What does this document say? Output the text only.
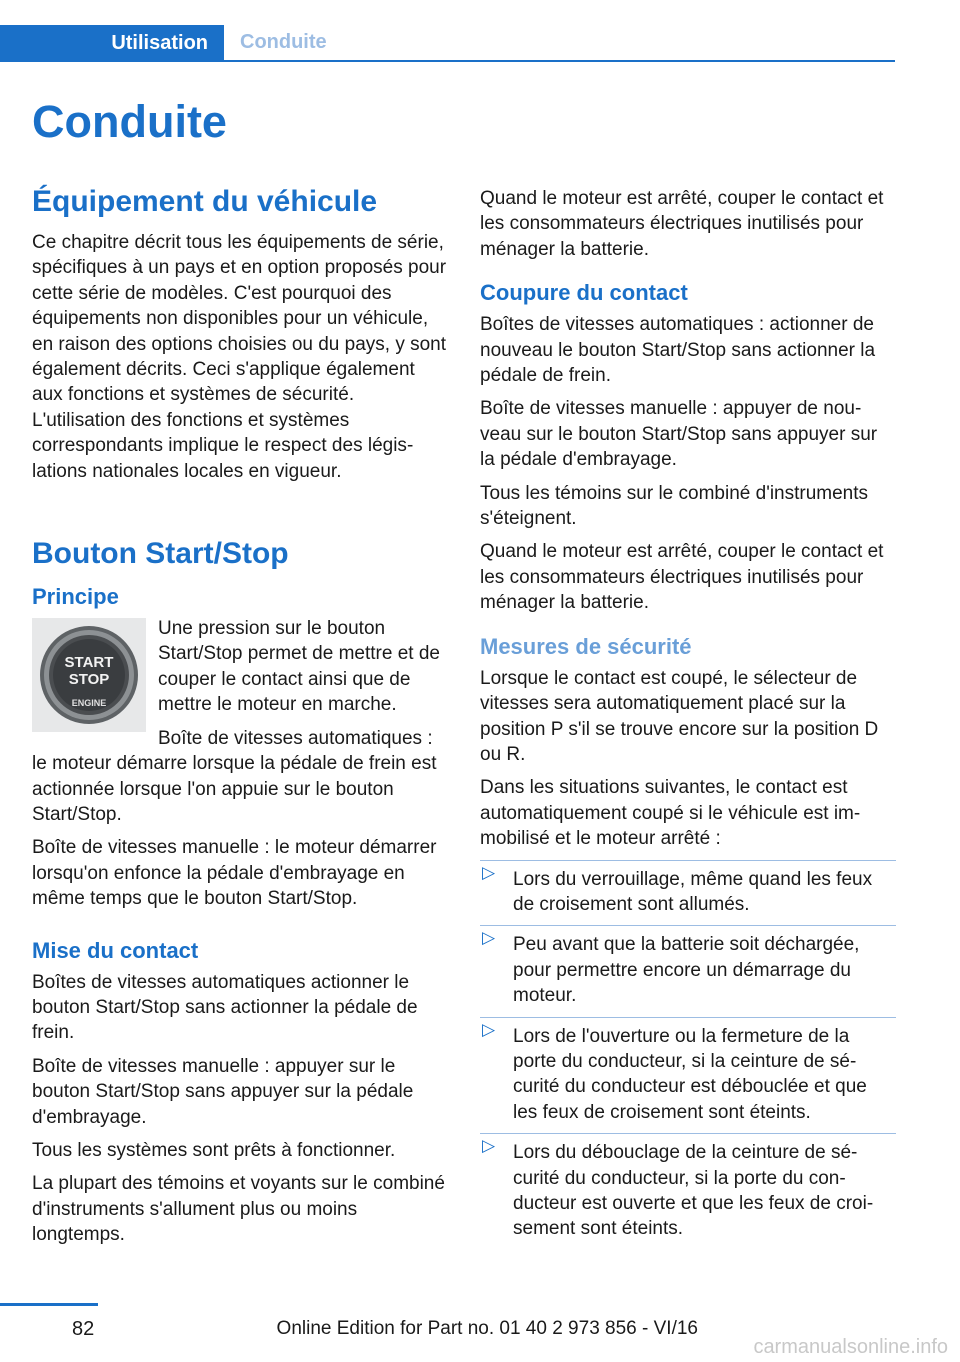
Utilisation	Conduite
Conduite
Équipement du véhicule

Ce chapitre décrit tous les équipements de série, spécifiques à un pays et en option proposés pour cette série de modèles. C'est pourquoi des équipements non disponibles pour un véhicule, en raison des options choisies ou du pays, y sont également décrits. Ceci s'applique également aux fonctions et systèmes de sécurité. L'utilisation des fonctions et systèmes correspondants implique le respect des législations nationales locales en vigueur.

Bouton Start/Stop
Principe
START
STOP
ENGINE

Une pression sur le bouton Start/Stop permet de mettre et de couper le contact ainsi que de mettre le moteur en marche.

Boîte de vitesses automatiques : le moteur démarre lorsque la pédale de frein est actionnée lorsque l'on appuie sur le bouton Start/Stop.

Boîte de vitesses manuelle : le moteur démarrer lorsqu'on enfonce la pédale d'embrayage en même temps que le bouton Start/Stop.

Mise du contact

Boîtes de vitesses automatiques actionner le bouton Start/Stop sans actionner la pédale de frein.

Boîte de vitesses manuelle : appuyer sur le bouton Start/Stop sans appuyer sur la pédale d'embrayage.

Tous les systèmes sont prêts à fonctionner.

La plupart des témoins et voyants sur le combiné d'instruments s'allument plus ou moins longtemps.

Quand le moteur est arrêté, couper le contact et les consommateurs électriques inutilisés pour ménager la batterie.

Coupure du contact

Boîtes de vitesses automatiques : actionner de nouveau le bouton Start/Stop sans actionner la pédale de frein.

Boîte de vitesses manuelle : appuyer de nouveau sur le bouton Start/Stop sans appuyer sur la pédale d'embrayage.

Tous les témoins sur le combiné d'instruments s'éteignent.

Quand le moteur est arrêté, couper le contact et les consommateurs électriques inutilisés pour ménager la batterie.

Mesures de sécurité

Lorsque le contact est coupé, le sélecteur de vitesses sera automatiquement placé sur la position P s'il se trouve encore sur la position D ou R.

Dans les situations suivantes, le contact est automatiquement coupé si le véhicule est immobilisé et le moteur arrêté :

▷ Lors du verrouillage, même quand les feux de croisement sont allumés.
▷ Peu avant que la batterie soit déchargée, pour permettre encore un démarrage du moteur.
▷ Lors de l'ouverture ou la fermeture de la porte du conducteur, si la ceinture de sécurité du conducteur est débouclée et que les feux de croisement sont éteints.
▷ Lors du débouclage de la ceinture de sécurité du conducteur, si la porte du conducteur est ouverte et que les feux de croisement sont éteints.
82	Online Edition for Part no. 01 40 2 973 856 - VI/16
carmanualsonline.info
